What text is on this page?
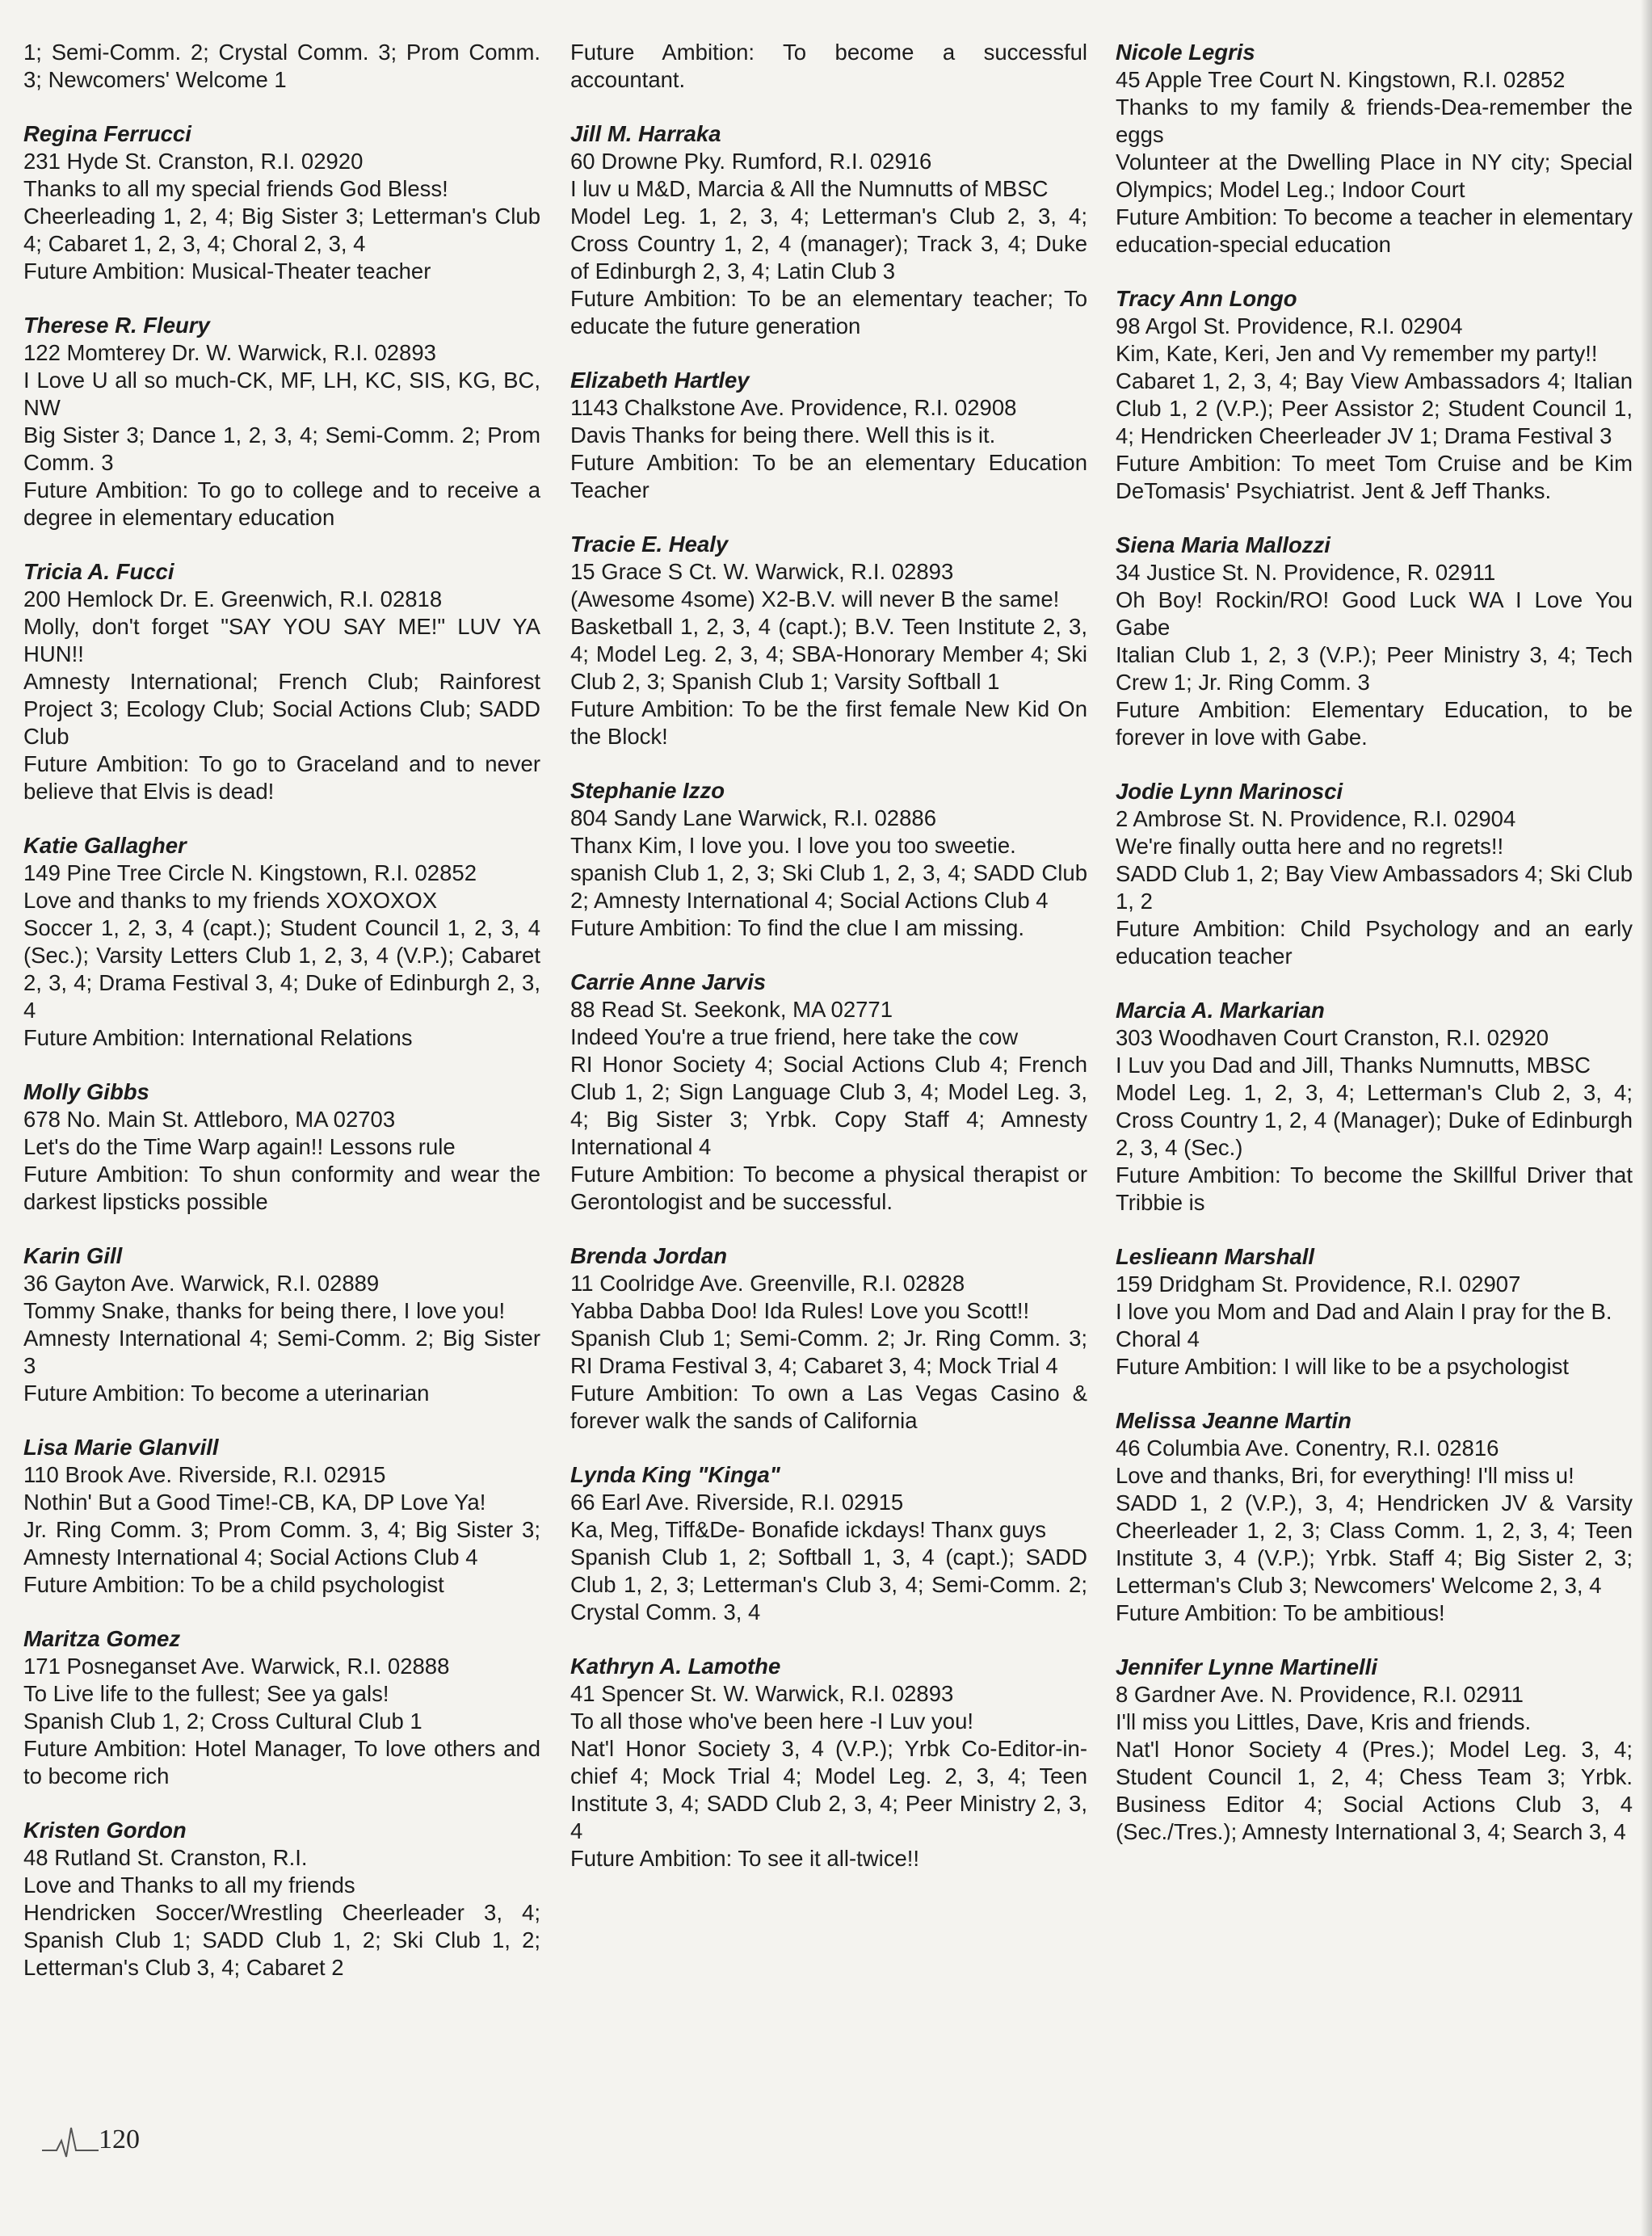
1; Semi-Comm. 2; Crystal Comm. 3; Prom Comm. 3; Newcomers' Welcome 1
Regina Ferrucci
231 Hyde St. Cranston, R.I. 02920
Thanks to all my special friends God Bless!
Cheerleading 1, 2, 4; Big Sister 3; Letterman's Club 4; Cabaret 1, 2, 3, 4; Choral 2, 3, 4
Future Ambition: Musical-Theater teacher
Therese R. Fleury
122 Momterey Dr. W. Warwick, R.I. 02893
I Love U all so much-CK, MF, LH, KC, SIS, KG, BC, NW
Big Sister 3; Dance 1, 2, 3, 4; Semi-Comm. 2; Prom Comm. 3
Future Ambition: To go to college and to receive a degree in elementary education
Tricia A. Fucci
200 Hemlock Dr. E. Greenwich, R.I. 02818
Molly, don't forget "SAY YOU SAY ME!" LUV YA HUN!!
Amnesty International; French Club; Rainforest Project 3; Ecology Club; Social Actions Club; SADD Club
Future Ambition: To go to Graceland and to never believe that Elvis is dead!
Katie Gallagher
149 Pine Tree Circle N. Kingstown, R.I. 02852
Love and thanks to my friends XOXOXOX
Soccer 1, 2, 3, 4 (capt.); Student Council 1, 2, 3, 4 (Sec.); Varsity Letters Club 1, 2, 3, 4 (V.P.); Cabaret 2, 3, 4; Drama Festival 3, 4; Duke of Edinburgh 2, 3, 4
Future Ambition: International Relations
Molly Gibbs
678 No. Main St. Attleboro, MA 02703
Let's do the Time Warp again!! Lessons rule
Future Ambition: To shun conformity and wear the darkest lipsticks possible
Karin Gill
36 Gayton Ave. Warwick, R.I. 02889
Tommy Snake, thanks for being there, I love you!
Amnesty International 4; Semi-Comm. 2; Big Sister 3
Future Ambition: To become a uterinarian
Lisa Marie Glanvill
110 Brook Ave. Riverside, R.I. 02915
Nothin' But a Good Time!-CB, KA, DP Love Ya!
Jr. Ring Comm. 3; Prom Comm. 3, 4; Big Sister 3; Amnesty International 4; Social Actions Club 4
Future Ambition: To be a child psychologist
Maritza Gomez
171 Posneganset Ave. Warwick, R.I. 02888
To Live life to the fullest; See ya gals!
Spanish Club 1, 2; Cross Cultural Club 1
Future Ambition: Hotel Manager, To love others and to become rich
Kristen Gordon
48 Rutland St. Cranston, R.I.
Love and Thanks to all my friends
Hendricken Soccer/Wrestling Cheerleader 3, 4; Spanish Club 1; SADD Club 1, 2; Ski Club 1, 2; Letterman's Club 3, 4; Cabaret 2
Future Ambition: To become a successful accountant.
Jill M. Harraka
60 Drowne Pky. Rumford, R.I. 02916
I luv u M&D, Marcia & All the Numnutts of MBSC
Model Leg. 1, 2, 3, 4; Letterman's Club 2, 3, 4; Cross Country 1, 2, 4 (manager); Track 3, 4; Duke of Edinburgh 2, 3, 4; Latin Club 3
Future Ambition: To be an elementary teacher; To educate the future generation
Elizabeth Hartley
1143 Chalkstone Ave. Providence, R.I. 02908
Davis Thanks for being there. Well this is it.
Future Ambition: To be an elementary Education Teacher
Tracie E. Healy
15 Grace S Ct. W. Warwick, R.I. 02893
(Awesome 4some) X2-B.V. will never B the same!
Basketball 1, 2, 3, 4 (capt.); B.V. Teen Institute 2, 3, 4; Model Leg. 2, 3, 4; SBA-Honorary Member 4; Ski Club 2, 3; Spanish Club 1; Varsity Softball 1
Future Ambition: To be the first female New Kid On the Block!
Stephanie Izzo
804 Sandy Lane Warwick, R.I. 02886
Thanx Kim, I love you. I love you too sweetie.
spanish Club 1, 2, 3; Ski Club 1, 2, 3, 4; SADD Club 2; Amnesty International 4; Social Actions Club 4
Future Ambition: To find the clue I am missing.
Carrie Anne Jarvis
88 Read St. Seekonk, MA 02771
Indeed You're a true friend, here take the cow
RI Honor Society 4; Social Actions Club 4; French Club 1, 2; Sign Language Club 3, 4; Model Leg. 3, 4; Big Sister 3; Yrbk. Copy Staff 4; Amnesty International 4
Future Ambition: To become a physical therapist or Gerontologist and be successful.
Brenda Jordan
11 Coolridge Ave. Greenville, R.I. 02828
Yabba Dabba Doo! Ida Rules! Love you Scott!!
Spanish Club 1; Semi-Comm. 2; Jr. Ring Comm. 3; RI Drama Festival 3, 4; Cabaret 3, 4; Mock Trial 4
Future Ambition: To own a Las Vegas Casino & forever walk the sands of California
Lynda King "Kinga"
66 Earl Ave. Riverside, R.I. 02915
Ka, Meg, Tiff&De- Bonafide ickdays! Thanx guys
Spanish Club 1, 2; Softball 1, 3, 4 (capt.); SADD Club 1, 2, 3; Letterman's Club 3, 4; Semi-Comm. 2; Crystal Comm. 3, 4
Kathryn A. Lamothe
41 Spencer St. W. Warwick, R.I. 02893
To all those who've been here -I Luv you!
Nat'l Honor Society 3, 4 (V.P.); Yrbk Co-Editor-in-chief 4; Mock Trial 4; Model Leg. 2, 3, 4; Teen Institute 3, 4; SADD Club 2, 3, 4; Peer Ministry 2, 3, 4
Future Ambition: To see it all-twice!!
Nicole Legris
45 Apple Tree Court N. Kingstown, R.I. 02852
Thanks to my family & friends-Dea-remember the eggs
Volunteer at the Dwelling Place in NY city; Special Olympics; Model Leg.; Indoor Court
Future Ambition: To become a teacher in elementary education-special education
Tracy Ann Longo
98 Argol St. Providence, R.I. 02904
Kim, Kate, Keri, Jen and Vy remember my party!!
Cabaret 1, 2, 3, 4; Bay View Ambassadors 4; Italian Club 1, 2 (V.P.); Peer Assistor 2; Student Council 1, 4; Hendricken Cheerleader JV 1; Drama Festival 3
Future Ambition: To meet Tom Cruise and be Kim DeTomasis' Psychiatrist. Jent & Jeff Thanks.
Siena Maria Mallozzi
34 Justice St. N. Providence, R. 02911
Oh Boy! Rockin/RO! Good Luck WA I Love You Gabe
Italian Club 1, 2, 3 (V.P.); Peer Ministry 3, 4; Tech Crew 1; Jr. Ring Comm. 3
Future Ambition: Elementary Education, to be forever in love with Gabe.
Jodie Lynn Marinosci
2 Ambrose St. N. Providence, R.I. 02904
We're finally outta here and no regrets!!
SADD Club 1, 2; Bay View Ambassadors 4; Ski Club 1, 2
Future Ambition: Child Psychology and an early education teacher
Marcia A. Markarian
303 Woodhaven Court Cranston, R.I. 02920
I Luv you Dad and Jill, Thanks Numnutts, MBSC
Model Leg. 1, 2, 3, 4; Letterman's Club 2, 3, 4; Cross Country 1, 2, 4 (Manager); Duke of Edinburgh 2, 3, 4 (Sec.)
Future Ambition: To become the Skillful Driver that Tribbie is
Leslieann Marshall
159 Dridgham St. Providence, R.I. 02907
I love you Mom and Dad and Alain I pray for the B.
Choral 4
Future Ambition: I will like to be a psychologist
Melissa Jeanne Martin
46 Columbia Ave. Conentry, R.I. 02816
Love and thanks, Bri, for everything! I'll miss u!
SADD 1, 2 (V.P.), 3, 4; Hendricken JV & Varsity Cheerleader 1, 2, 3; Class Comm. 1, 2, 3, 4; Teen Institute 3, 4 (V.P.); Yrbk. Staff 4; Big Sister 2, 3; Letterman's Club 3; Newcomers' Welcome 2, 3, 4
Future Ambition: To be ambitious!
Jennifer Lynne Martinelli
8 Gardner Ave. N. Providence, R.I. 02911
I'll miss you Littles, Dave, Kris and friends.
Nat'l Honor Society 4 (Pres.); Model Leg. 3, 4; Student Council 1, 2, 4; Chess Team 3; Yrbk. Business Editor 4; Social Actions Club 3, 4 (Sec./Tres.); Amnesty International 3, 4; Search 3, 4
120
